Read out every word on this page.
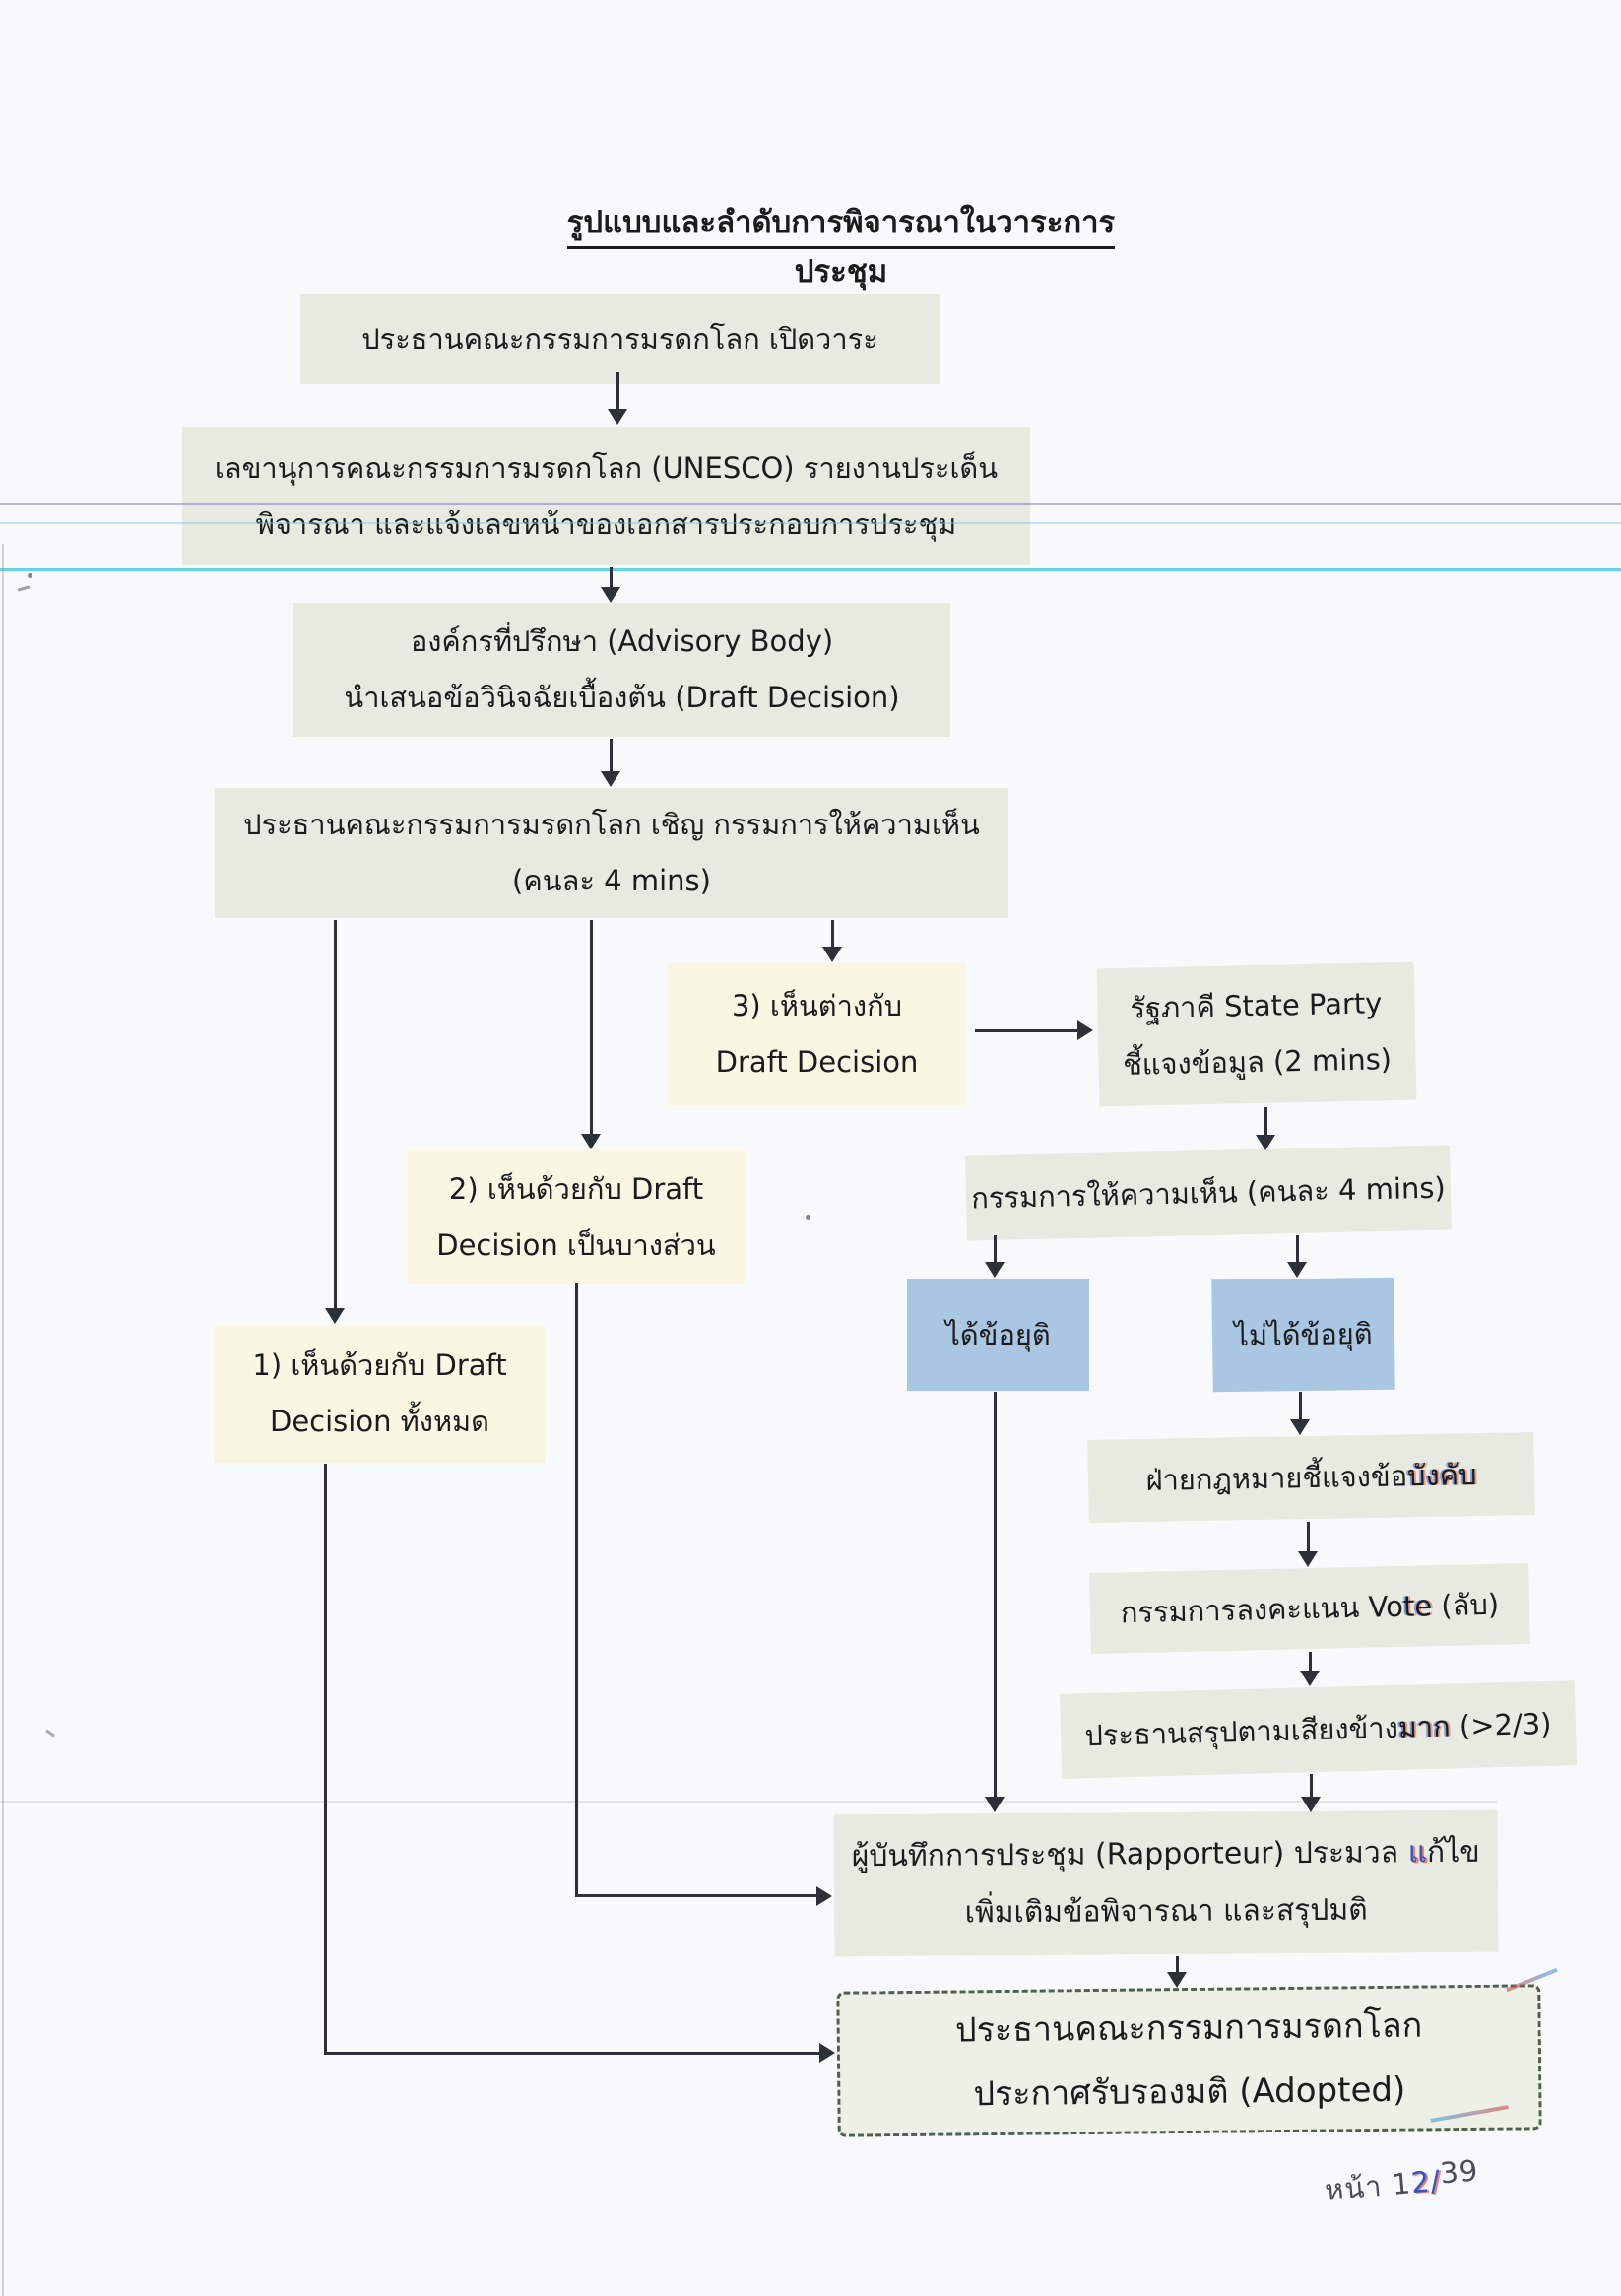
รูปแบบและลำดับการพิจารณาในวาระการประชุม
ประธานคณะกรรมการมรดกโลก เปิดวาระ
เลขานุการคณะกรรมการมรดกโลก (UNESCO) รายงานประเด็น
พิจารณา และแจ้งเลขหน้าของเอกสารประกอบการประชุม
องค์กรที่ปรึกษา (Advisory Body)
นำเสนอข้อวินิจฉัยเบื้องต้น (Draft Decision)
ประธานคณะกรรมการมรดกโลก เชิญ กรรมการให้ความเห็น
(คนละ 4 mins)
3) เห็นต่างกับ
Draft Decision
รัฐภาคี State Party
ชี้แจงข้อมูล (2 mins)
2) เห็นด้วยกับ Draft
Decision เป็นบางส่วน
กรรมการให้ความเห็น (คนละ 4 mins)
1) เห็นด้วยกับ Draft
Decision ทั้งหมด
ได้ข้อยุติ	ไม่ได้ข้อยุติ
ฝ่ายกฎหมายชี้แจงข้อบังคับ
กรรมการลงคะแนน Vote (ลับ)
ประธานสรุปตามเสียงข้างมาก (>2/3)
ผู้บันทึกการประชุม (Rapporteur) ประมวล แก้ไข
เพิ่มเติมข้อพิจารณา และสรุปมติ
ประธานคณะกรรมการมรดกโลก
ประกาศรับรองมติ (Adopted)
หน้า 12/39
